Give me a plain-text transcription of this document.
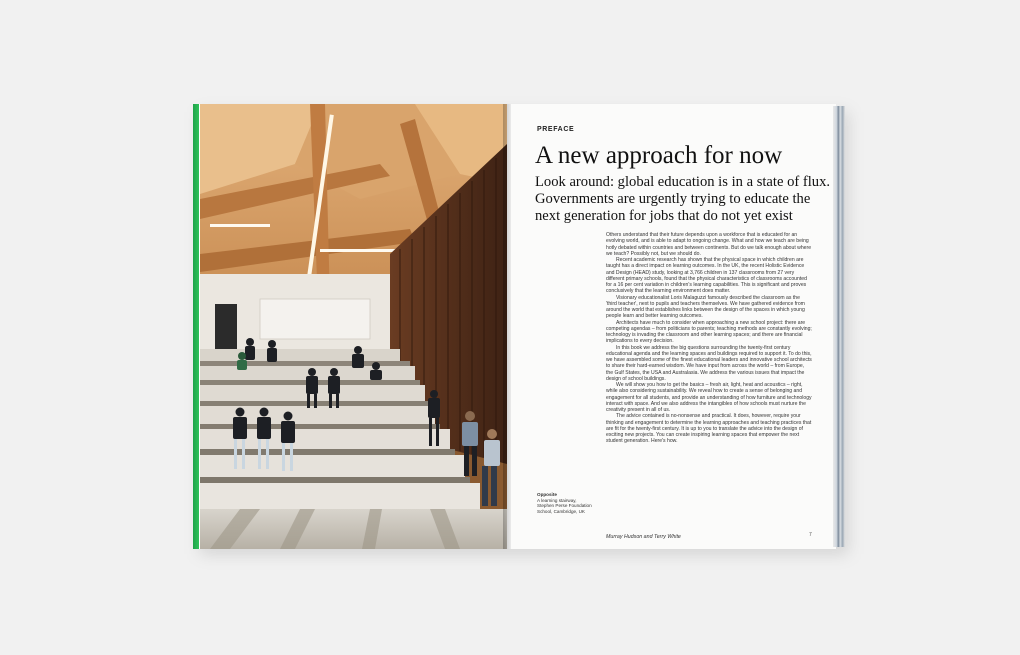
PREFACE
A new approach for now
Look around: global education is in a state of flux. Governments are urgently trying to educate the next generation for jobs that do not yet exist
Opposite
A learning stairway,
Stephen Perse Foundation
School, Cambridge, UK

Others understand that their future depends upon a workforce that is educated for an evolving world, and is able to adapt to ongoing change. What and how we teach are being hotly debated within countries and between continents. But do we talk enough about where we teach? Possibly not, but we should do.

Recent academic research has shown that the physical space in which children are taught has a direct impact on learning outcomes. In the UK, the recent Holistic Evidence and Design (HEAD) study, looking at 3,766 children in 137 classrooms from 27 very different primary schools, found that the physical characteristics of classrooms accounted for a 16 per cent variation in children's learning capabilities. This is significant and proves conclusively that the learning environment does matter.

Visionary educationalist Loris Malaguzzi famously described the classroom as the 'third teacher', next to pupils and teachers themselves. We have gathered evidence from around the world that establishes links between the design of the spaces in which young people learn and better learning outcomes.

Architects have much to consider when approaching a new school project: there are competing agendas – from politicians to parents; teaching methods are constantly evolving; technology is invading the classroom and other learning spaces; and there are financial implications to every decision.

In this book we address the big questions surrounding the twenty-first century educational agenda and the learning spaces and buildings required to support it. To do this, we have assembled some of the finest educational leaders and innovative school architects to share their hard-earned wisdom. We have input from across the world – from Europe, the Gulf States, the USA and Australasia. We address the various issues that impact the design of school buildings.

We will show you how to get the basics – fresh air, light, heat and acoustics – right, while also considering sustainability. We reveal how to create a sense of belonging and engagement for all students, and provide an understanding of how furniture and technology interact with space. And we also address the intangibles of how schools must nurture the creativity present in all of us.

The advice contained is no-nonsense and practical. It does, however, require your thinking and engagement to determine the learning approaches and teaching practices that are fit for the twenty-first century. It is up to you to translate the advice into the design of exciting new projects. You can create inspiring learning spaces that empower the next student generation. Here's how.

Murray Hudson and Terry White	7
